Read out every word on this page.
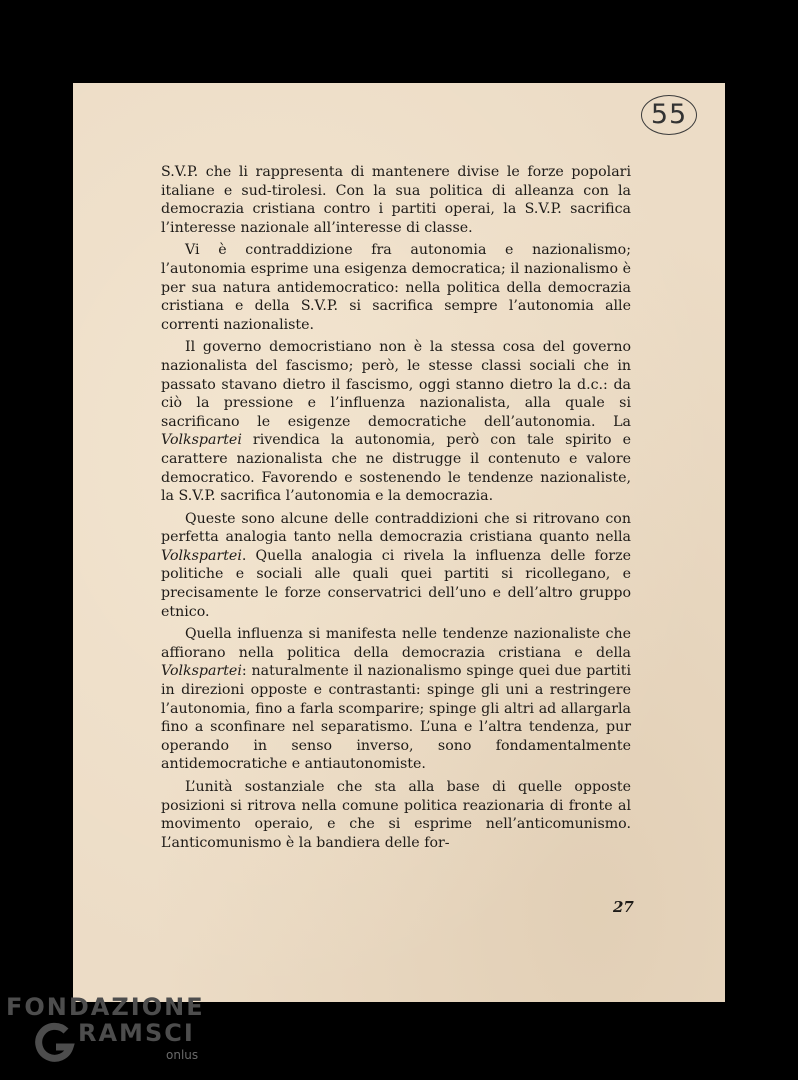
55

S.V.P. che li rappresenta di mantenere divise le forze popolari italiane e sud-tirolesi. Con la sua politica di alleanza con la democrazia cristiana contro i partiti operai, la S.V.P. sacrifica l’interesse nazionale all’interesse di classe.

Vi è contraddizione fra autonomia e nazionalismo; l’autonomia esprime una esigenza democratica; il nazionalismo è per sua natura antidemocratico: nella politica della democrazia cristiana e della S.V.P. si sacrifica sempre l’autonomia alle correnti nazionaliste.

Il governo democristiano non è la stessa cosa del governo nazionalista del fascismo; però, le stesse classi sociali che in passato stavano dietro il fascismo, oggi stanno dietro la d.c.: da ciò la pressione e l’influenza nazionalista, alla quale si sacrificano le esigenze democratiche dell’autonomia. La Volkspartei rivendica la autonomia, però con tale spirito e carattere nazionalista che ne distrugge il contenuto e valore democratico. Favorendo e sostenendo le tendenze nazionaliste, la S.V.P. sacrifica l’autonomia e la democrazia.

Queste sono alcune delle contraddizioni che si ritrovano con perfetta analogia tanto nella democrazia cristiana quanto nella Volkspartei. Quella analogia ci rivela la influenza delle forze politiche e sociali alle quali quei partiti si ricollegano, e precisamente le forze conservatrici dell’uno e dell’altro gruppo etnico.

Quella influenza si manifesta nelle tendenze nazionaliste che affiorano nella politica della democrazia cristiana e della Volkspartei: naturalmente il nazionalismo spinge quei due partiti in direzioni opposte e contrastanti: spinge gli uni a restringere l’autonomia, fino a farla scomparire; spinge gli altri ad allargarla fino a sconfinare nel separatismo. L’una e l’altra tendenza, pur operando in senso inverso, sono fondamentalmente antidemocratiche e antiautonomiste.

L’unità sostanziale che sta alla base di quelle opposte posizioni si ritrova nella comune politica reazionaria di fronte al movimento operaio, e che si esprime nell’anticomunismo. L’anticomunismo è la bandiera delle for-

27
FONDAZIONE
RAMSCI
onlus
